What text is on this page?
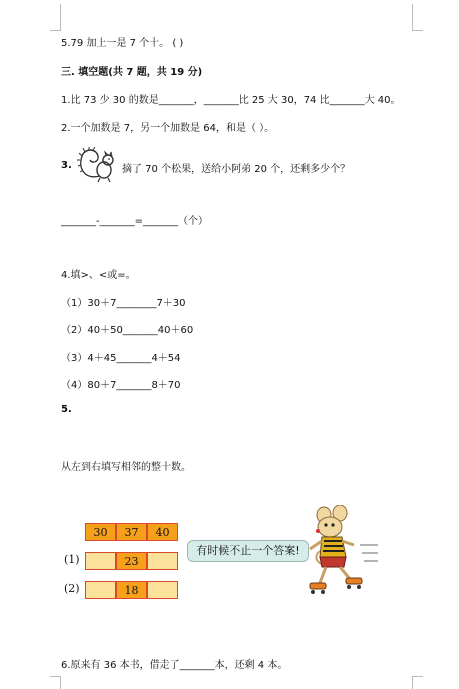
5.79 加上一是 7 个十。 ( )
三. 填空题(共 7 题，共 19 分)
1.比 73 少 30 的数是_______，_______比 25 大 30，74 比_______大 40。
2.一个加数是 7，另一个加数是 64，和是（ ）。
3.	摘了 70 个松果，送给小阿弟 20 个，还剩多少个？
_______-_______=_______（个）
4.填>、<或=。
（1）30＋7________7＋30
（2）40＋50_______40＋60
（3）4＋45_______4＋54
（4）80＋7_______8＋70
5.
从左到右填写相邻的整十数。
30	37	40
(1)	23
(2)	18
有时候不止一个答案!
6.原来有 36 本书，借走了_______本，还剩 4 本。
